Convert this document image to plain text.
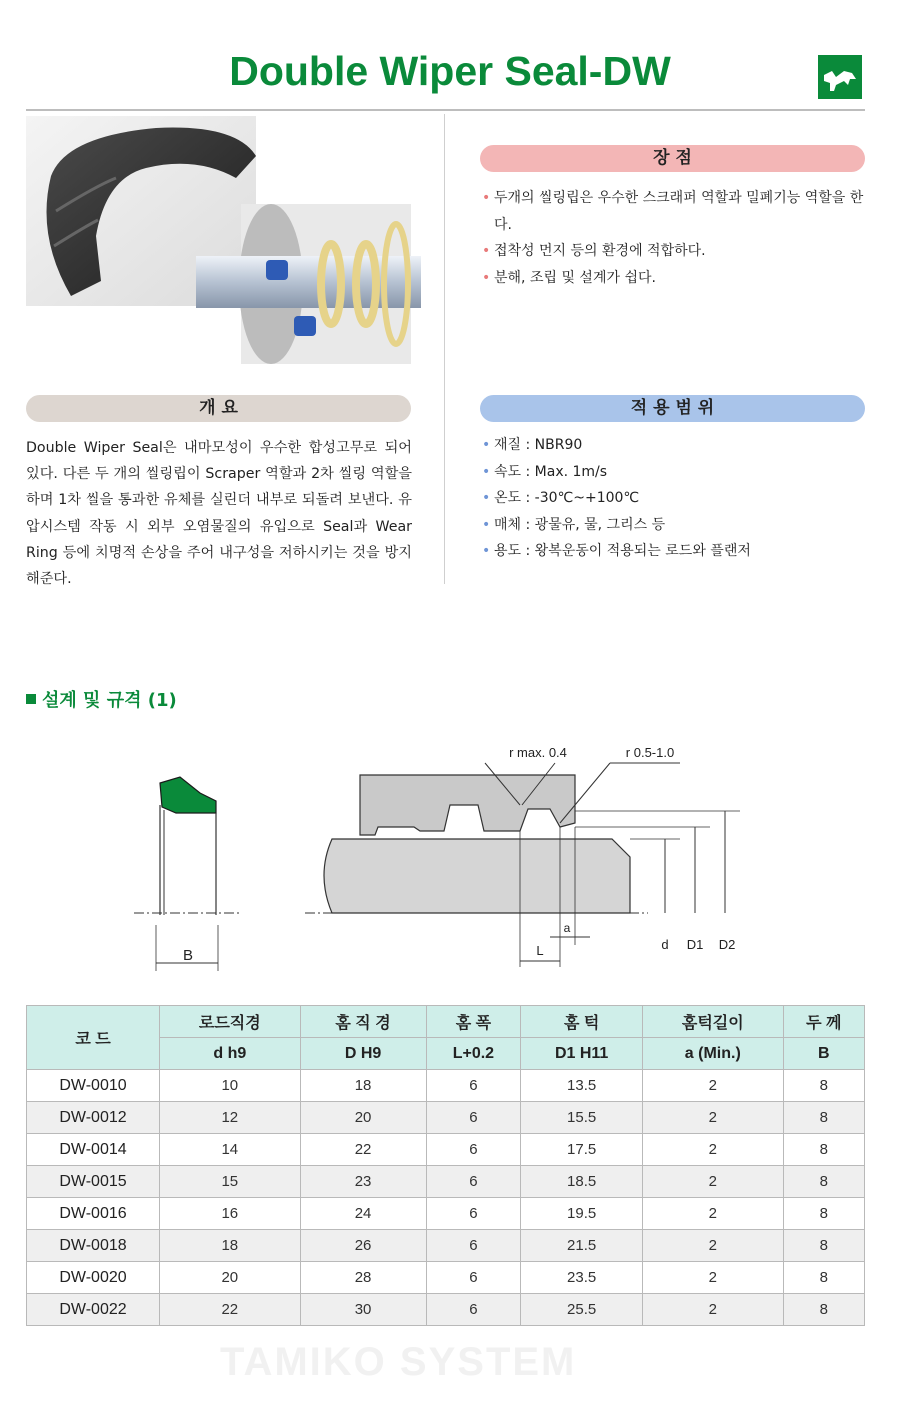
Double Wiper Seal-DW
장 점
• 두개의 씰링립은 우수한 스크래퍼 역할과 밀폐기능 역할을 한다.
• 접착성 먼지 등의 환경에 적합하다.
• 분해, 조립 및 설계가 쉽다.
개 요
Double Wiper Seal은 내마모성이 우수한 합성고무로 되어 있다. 다른 두 개의 씰링립이 Scraper 역할과 2차 씰링 역할을 하며 1차 씰을 통과한 유체를 실린더 내부로 되돌려 보낸다. 유압시스템 작동 시 외부 오염물질의 유입으로 Seal과 Wear Ring 등에 치명적 손상을 주어 내구성을 저하시키는 것을 방지 해준다.
적 용 범 위
• 재질 : NBR90
• 속도 : Max. 1m/s
• 온도 : -30℃~+100℃
• 매체 : 광물유, 물, 그리스 등
• 용도 : 왕복운동이 적용되는 로드와 플랜저
설계 및 규격 (1)
B
r max. 0.4	r 0.5-1.0
d D1 D2
L
a
코 드	로드직경	홈 직 경	홈 폭	홈 턱	홈턱길이	두 께
	d h9	D H9	L+0.2	D1 H11	a (Min.)	B
DW-0010	10	18	6	13.5	2	8
DW-0012	12	20	6	15.5	2	8
DW-0014	14	22	6	17.5	2	8
DW-0015	15	23	6	18.5	2	8
DW-0016	16	24	6	19.5	2	8
DW-0018	18	26	6	21.5	2	8
DW-0020	20	28	6	23.5	2	8
DW-0022	22	30	6	25.5	2	8
TAMIKO SYSTEM
